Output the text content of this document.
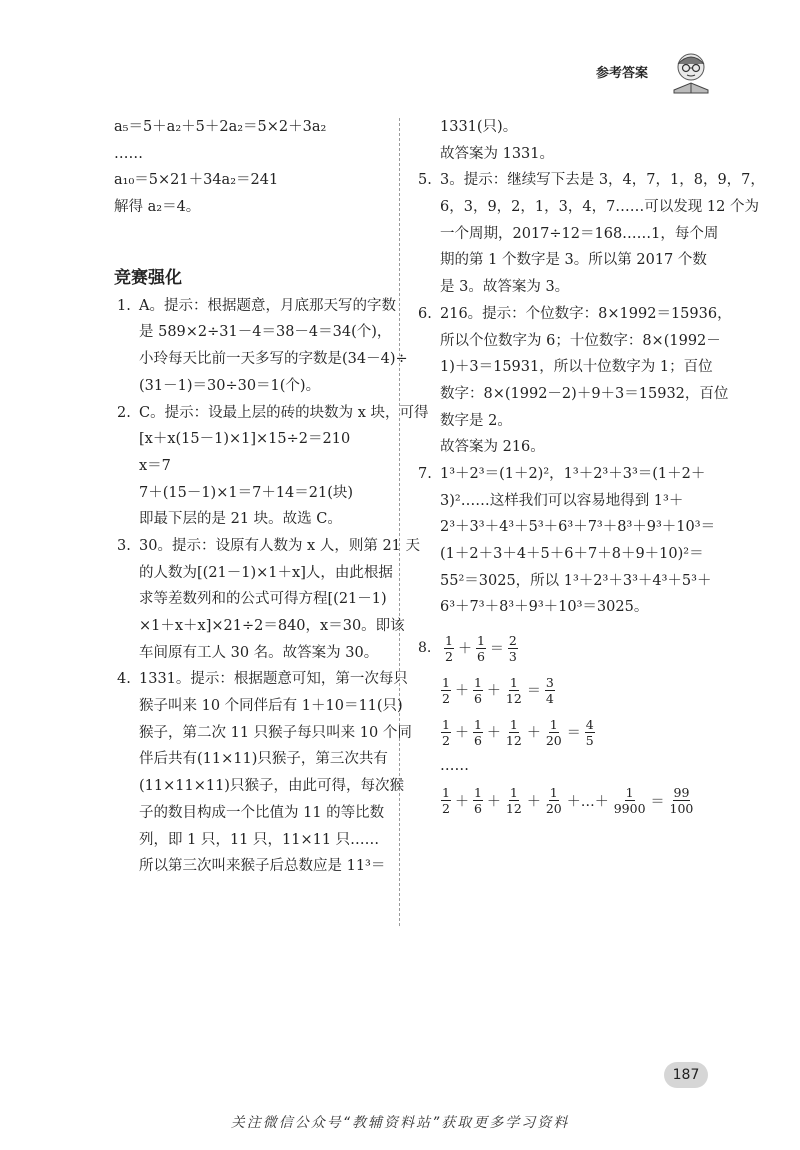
参考答案
a₅＝5＋a₂＋5＋2a₂＝5×2＋3a₂
……
a₁₀＝5×21＋34a₂＝241
解得 a₂＝4。
竞赛强化
1. A。提示：根据题意，月底那天写的字数
是 589×2÷31－4＝38－4＝34(个)，
小玲每天比前一天多写的字数是(34－4)÷
(31－1)＝30÷30＝1(个)。
2. C。提示：设最上层的砖的块数为 x 块，可得
[x＋x(15－1)×1]×15÷2＝210
x＝7
7＋(15－1)×1＝7＋14＝21(块)
即最下层的是 21 块。故选 C。
3. 30。提示：设原有人数为 x 人，则第 21 天
的人数为[(21－1)×1＋x]人，由此根据
求等差数列和的公式可得方程[(21－1)
×1＋x＋x]×21÷2＝840，x＝30。即该
车间原有工人 30 名。故答案为 30。
4. 1331。提示：根据题意可知，第一次每只
猴子叫来 10 个同伴后有 1＋10＝11(只)
猴子，第二次 11 只猴子每只叫来 10 个同
伴后共有(11×11)只猴子，第三次共有
(11×11×11)只猴子，由此可得，每次猴
子的数目构成一个比值为 11 的等比数
列，即 1 只，11 只，11×11 只……
所以第三次叫来猴子后总数应是 11³＝
1331(只)。
故答案为 1331。
5. 3。提示：继续写下去是 3，4，7，1，8，9，7，
6，3，9，2，1，3，4，7……可以发现 12 个为
一个周期，2017÷12＝168……1，每个周
期的第 1 个数字是 3。所以第 2017 个数
是 3。故答案为 3。
6. 216。提示：个位数字：8×1992＝15936，
所以个位数字为 6；十位数字：8×(1992－
1)＋3＝15931，所以十位数字为 1；百位
数字：8×(1992－2)＋9＋3＝15932，百位
数字是 2。
故答案为 216。
7. 1³＋2³＝(1＋2)²，1³＋2³＋3³＝(1＋2＋
3)²……这样我们可以容易地得到 1³＋
2³＋3³＋4³＋5³＋6³＋7³＋8³＋9³＋10³＝
(1＋2＋3＋4＋5＋6＋7＋8＋9＋10)²＝
55²＝3025，所以 1³＋2³＋3³＋4³＋5³＋
6³＋7³＋8³＋9³＋10³＝3025。
8. $\frac{1}{2} + \frac{1}{6} = \frac{2}{3}$
$\frac{1}{2} + \frac{1}{6} + \frac{1}{12} = \frac{3}{4}$
$\frac{1}{2} + \frac{1}{6} + \frac{1}{12} + \frac{1}{20} = \frac{4}{5}$
……
$\frac{1}{2} + \frac{1}{6} + \frac{1}{12} + \frac{1}{20}$ ＋…＋ $\frac{1}{9900} = \frac{99}{100}$
187
关注微信公众号“教辅资料站”获取更多学习资料
